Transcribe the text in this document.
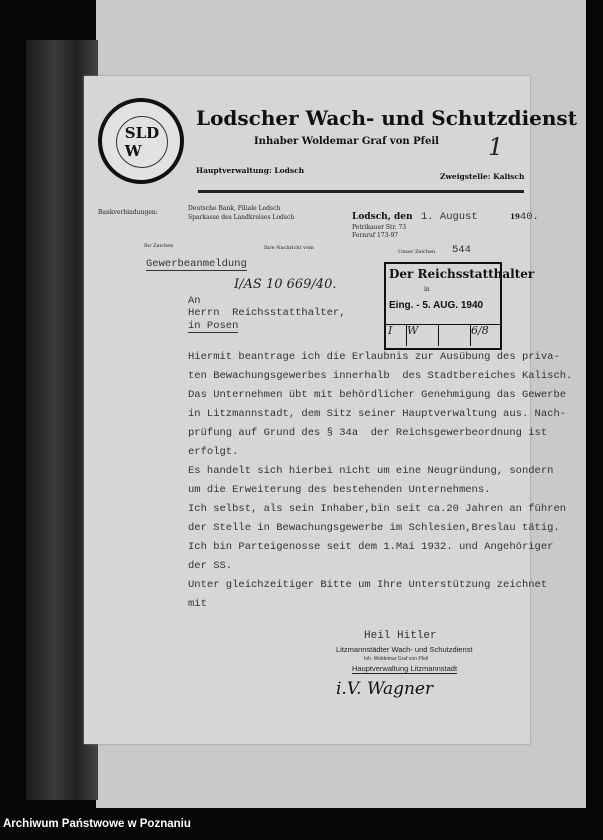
SLD
W
Lodscher Wach- und Schutzdienst
Inhaber Woldemar Graf von Pfeil 1
Hauptverwaltung: Lodsch
Zweigstelle: Kalisch
Bankverbindungen:
Deutsche Bank, Filiale Lodsch
Sparkasse des Landkreises Lodsch	Lodsch, den 1. August	1940.
Petrikauer Str. 73
Fernruf 173-97
Ihr Zeichen	Ihre Nachricht vom
Unser Zeichen 544
Gewerbeanmeldung
I/AS 10 669/40.
Der Reichsstatthalter
in
Eing. - 5. AUG. 1940
I	W	6/8
An
Herrn  Reichsstatthalter,
in Posen
Hiermit beantrage ich die Erlaubnis zur Ausübung des priva-
ten Bewachungsgewerbes innerhalb  des Stadtbereiches Kalisch.
Das Unternehmen übt mit behördlicher Genehmigung das Gewerbe
in Litzmannstadt, dem Sitz seiner Hauptverwaltung aus. Nach-
prüfung auf Grund des § 34a  der Reichsgewerbeordnung ist
erfolgt.
Es handelt sich hierbei nicht um eine Neugründung, sondern
um die Erweiterung des bestehenden Unternehmens.
Ich selbst, als sein Inhaber,bin seit ca.20 Jahren an führen
der Stelle in Bewachungsgewerbe im Schlesien,Breslau tätig.
Ich bin Parteigenosse seit dem 1.Mai 1932. und Angehöriger
der SS.
Unter gleichzeitiger Bitte um Ihre Unterstützung zeichnet
mit
Heil Hitler
Litzmannstädter Wach- und Schutzdienst
Inh. Woldemar Graf von Pfeil
Hauptverwaltung Litzmannstadt
i.V. Wagner
Archiwum Państwowe w Poznaniu
